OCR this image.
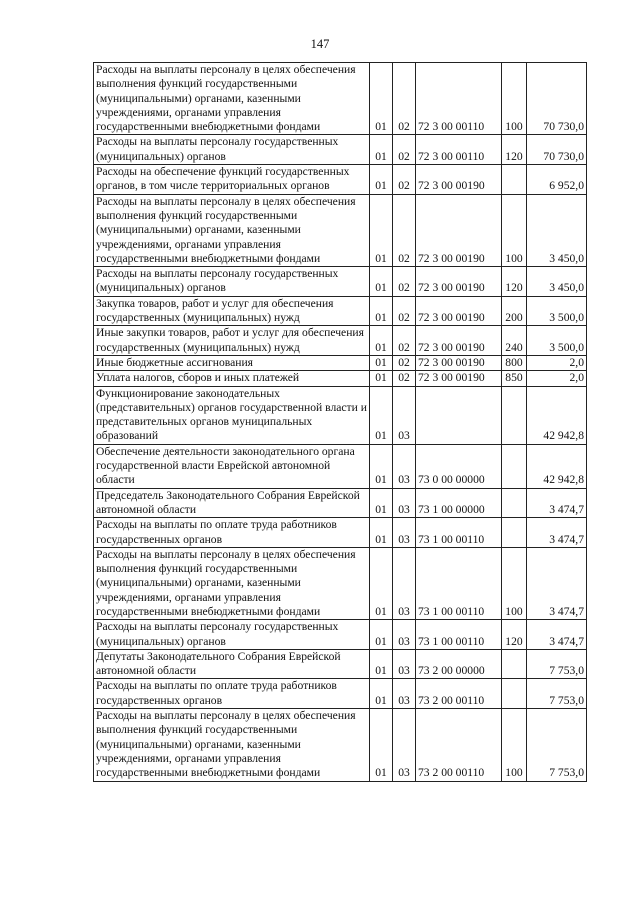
147
Расходы на выплаты персоналу в целях обеспечения выполнения функций государственными (муниципальными) органами, казенными учреждениями, органами управления государственными внебюджетными фондами	01	02	72 3 00 00110	100	70 730,0
Расходы на выплаты персоналу государственных (муниципальных) органов	01	02	72 3 00 00110	120	70 730,0
Расходы на обеспечение функций государственных органов, в том числе территориальных органов	01	02	72 3 00 00190		6 952,0
Расходы на выплаты персоналу в целях обеспечения выполнения функций государственными (муниципальными) органами, казенными учреждениями, органами управления государственными внебюджетными фондами	01	02	72 3 00 00190	100	3 450,0
Расходы на выплаты персоналу государственных (муниципальных) органов	01	02	72 3 00 00190	120	3 450,0
Закупка товаров, работ и услуг для обеспечения государственных (муниципальных) нужд	01	02	72 3 00 00190	200	3 500,0
Иные закупки товаров, работ и услуг для обеспечения государственных (муниципальных) нужд	01	02	72 3 00 00190	240	3 500,0
Иные бюджетные ассигнования	01	02	72 3 00 00190	800	2,0
Уплата налогов, сборов и иных платежей	01	02	72 3 00 00190	850	2,0
Функционирование законодательных (представительных) органов государственной власти и представительных органов муниципальных образований	01	03			42 942,8
Обеспечение деятельности законодательного органа государственной власти Еврейской автономной области	01	03	73 0 00 00000		42 942,8
Председатель Законодательного Собрания Еврейской автономной области	01	03	73 1 00 00000		3 474,7
Расходы на выплаты по оплате труда работников государственных органов	01	03	73 1 00 00110		3 474,7
Расходы на выплаты персоналу в целях обеспечения выполнения функций государственными (муниципальными) органами, казенными учреждениями, органами управления государственными внебюджетными фондами	01	03	73 1 00 00110	100	3 474,7
Расходы на выплаты персоналу государственных (муниципальных) органов	01	03	73 1 00 00110	120	3 474,7
Депутаты Законодательного Собрания Еврейской автономной области	01	03	73 2 00 00000		7 753,0
Расходы на выплаты по оплате труда работников государственных органов	01	03	73 2 00 00110		7 753,0
Расходы на выплаты персоналу в целях обеспечения выполнения функций государственными (муниципальными) органами, казенными учреждениями, органами управления государственными внебюджетными фондами	01	03	73 2 00 00110	100	7 753,0
